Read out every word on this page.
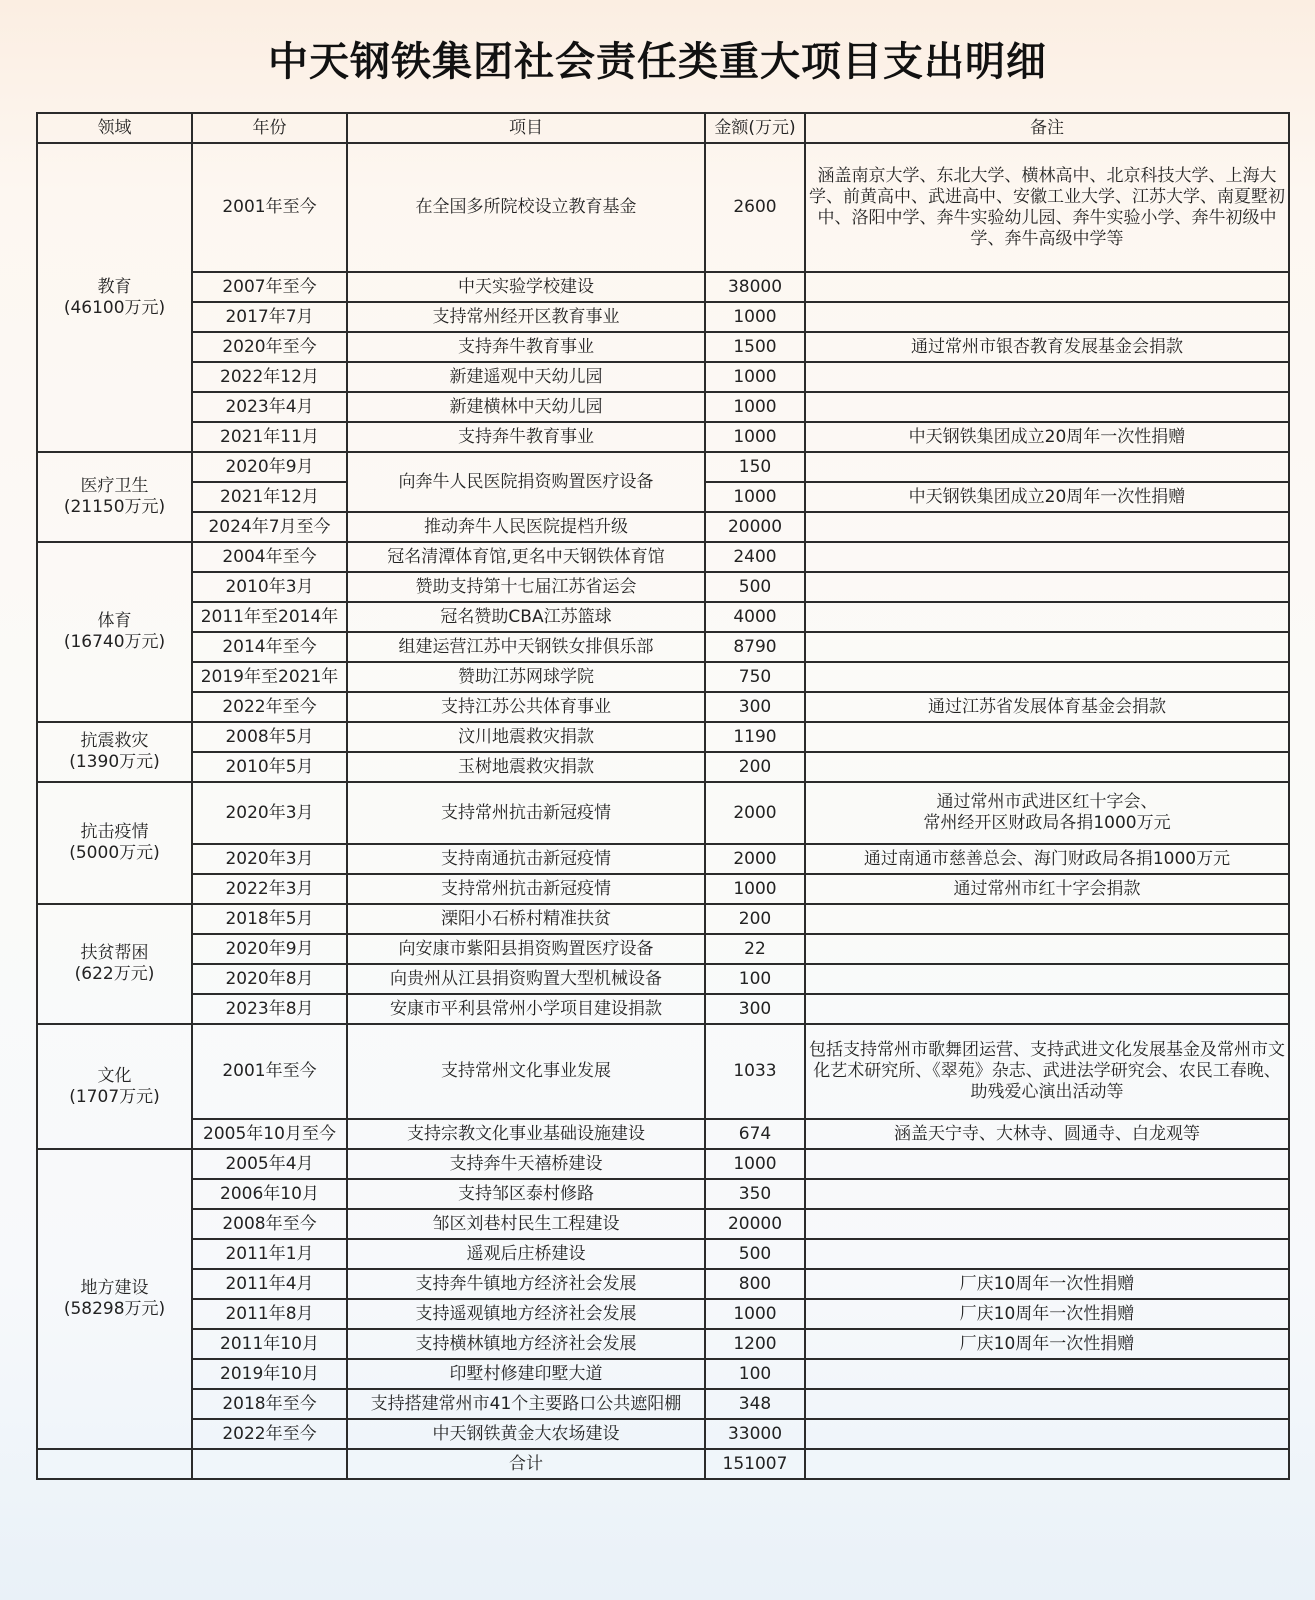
中天钢铁集团社会责任类重大项目支出明细
领域	年份	项目	金额(万元)	备注
教育
(46100万元)	2001年至今	在全国多所院校设立教育基金	2600	涵盖南京大学、东北大学、横林高中、北京科技大学、上海大学、前黄高中、武进高中、安徽工业大学、江苏大学、南夏墅初中、洛阳中学、奔牛实验幼儿园、奔牛实验小学、奔牛初级中学、奔牛高级中学等
	2007年至今	中天实验学校建设	38000	
	2017年7月	支持常州经开区教育事业	1000	
	2020年至今	支持奔牛教育事业	1500	通过常州市银杏教育发展基金会捐款
	2022年12月	新建遥观中天幼儿园	1000	
	2023年4月	新建横林中天幼儿园	1000	
	2021年11月	支持奔牛教育事业	1000	中天钢铁集团成立20周年一次性捐赠
医疗卫生
(21150万元)	2020年9月	向奔牛人民医院捐资购置医疗设备	150	
	2021年12月		1000	中天钢铁集团成立20周年一次性捐赠
	2024年7月至今	推动奔牛人民医院提档升级	20000	
体育
(16740万元)	2004年至今	冠名清潭体育馆,更名中天钢铁体育馆	2400	
	2010年3月	赞助支持第十七届江苏省运会	500	
	2011年至2014年	冠名赞助CBA江苏篮球	4000	
	2014年至今	组建运营江苏中天钢铁女排俱乐部	8790	
	2019年至2021年	赞助江苏网球学院	750	
	2022年至今	支持江苏公共体育事业	300	通过江苏省发展体育基金会捐款
抗震救灾
(1390万元)	2008年5月	汶川地震救灾捐款	1190	
	2010年5月	玉树地震救灾捐款	200	
抗击疫情
(5000万元)	2020年3月	支持常州抗击新冠疫情	2000	通过常州市武进区红十字会、
常州经开区财政局各捐1000万元
	2020年3月	支持南通抗击新冠疫情	2000	通过南通市慈善总会、海门财政局各捐1000万元
	2022年3月	支持常州抗击新冠疫情	1000	通过常州市红十字会捐款
扶贫帮困
(622万元)	2018年5月	溧阳小石桥村精准扶贫	200	
	2020年9月	向安康市紫阳县捐资购置医疗设备	22	
	2020年8月	向贵州从江县捐资购置大型机械设备	100	
	2023年8月	安康市平利县常州小学项目建设捐款	300	
文化
(1707万元)	2001年至今	支持常州文化事业发展	1033	包括支持常州市歌舞团运营、支持武进文化发展基金及常州市文化艺术研究所、《翠苑》杂志、武进法学研究会、农民工春晚、助残爱心演出活动等
	2005年10月至今	支持宗教文化事业基础设施建设	674	涵盖天宁寺、大林寺、圆通寺、白龙观等
地方建设
(58298万元)	2005年4月	支持奔牛天禧桥建设	1000	
	2006年10月	支持邹区泰村修路	350	
	2008年至今	邹区刘巷村民生工程建设	20000	
	2011年1月	遥观后庄桥建设	500	
	2011年4月	支持奔牛镇地方经济社会发展	800	厂庆10周年一次性捐赠
	2011年8月	支持遥观镇地方经济社会发展	1000	厂庆10周年一次性捐赠
	2011年10月	支持横林镇地方经济社会发展	1200	厂庆10周年一次性捐赠
	2019年10月	印墅村修建印墅大道	100	
	2018年至今	支持搭建常州市41个主要路口公共遮阳棚	348	
	2022年至今	中天钢铁黄金大农场建设	33000	
		合计	151007	
